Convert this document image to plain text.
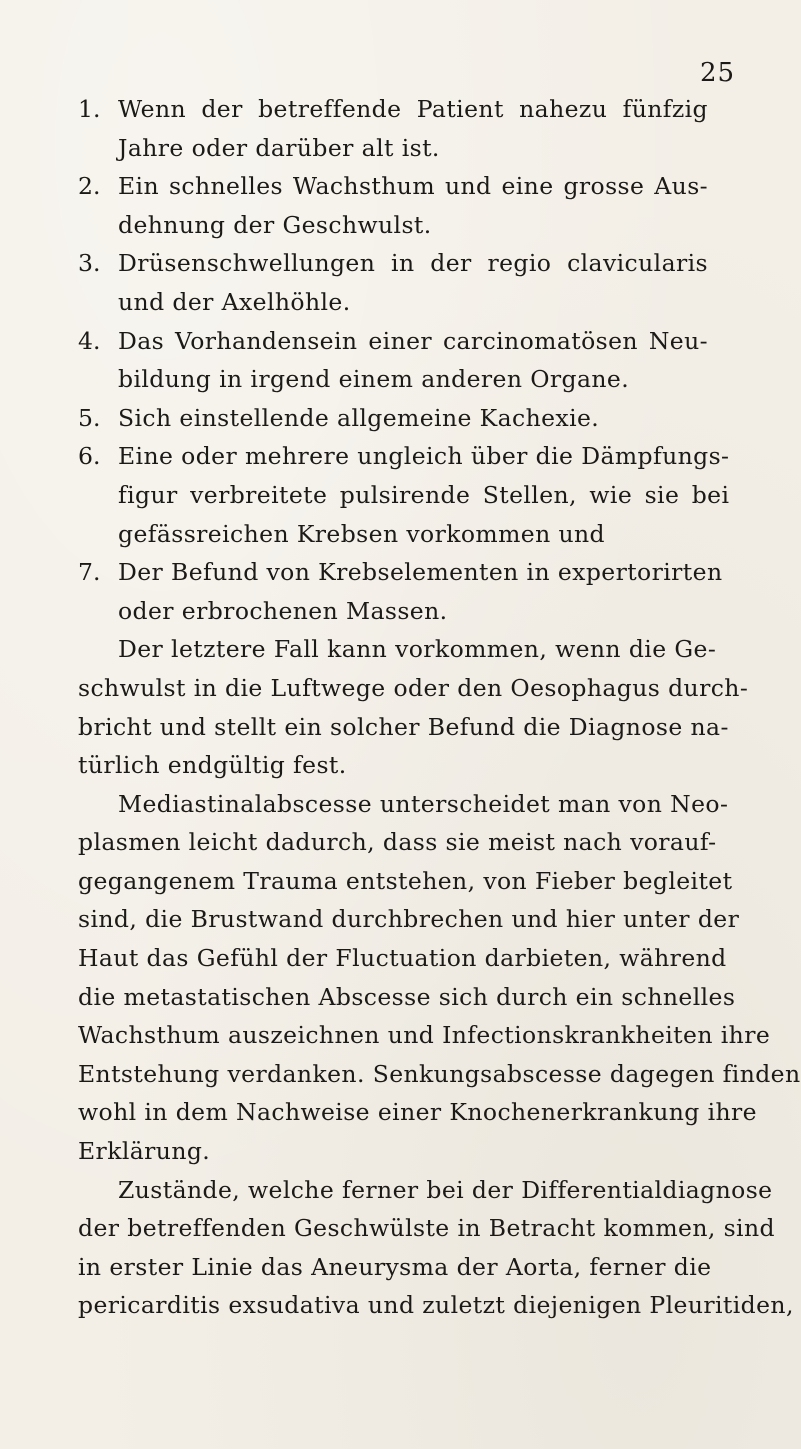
25
1. Wenn der betreffende Patient nahezu fünfzig
Jahre oder darüber alt ist.
2. Ein schnelles Wachsthum und eine grosse Aus-
dehnung der Geschwulst.
3. Drüsenschwellungen in der regio clavicularis
und der Axelhöhle.
4. Das Vorhandensein einer carcinomatösen Neu-
bildung in irgend einem anderen Organe.
5. Sich einstellende allgemeine Kachexie.
6. Eine oder mehrere ungleich über die Dämpfungs-
figur verbreitete pulsirende Stellen, wie sie bei
gefässreichen Krebsen vorkommen und
7. Der Befund von Krebselementen in expertorirten
oder erbrochenen Massen.

Der letztere Fall kann vorkommen, wenn die Ge-
schwulst in die Luftwege oder den Oesophagus durch-
bricht und stellt ein solcher Befund die Diagnose na-
türlich endgültig fest.

Mediastinalabscesse unterscheidet man von Neo-
plasmen leicht dadurch, dass sie meist nach vorauf-
gegangenem Trauma entstehen, von Fieber begleitet
sind, die Brustwand durchbrechen und hier unter der
Haut das Gefühl der Fluctuation darbieten, während
die metastatischen Abscesse sich durch ein schnelles
Wachsthum auszeichnen und Infectionskrankheiten ihre
Entstehung verdanken. Senkungsabscesse dagegen finden
wohl in dem Nachweise einer Knochenerkrankung ihre
Erklärung.

Zustände, welche ferner bei der Differentialdiagnose
der betreffenden Geschwülste in Betracht kommen, sind
in erster Linie das Aneurysma der Aorta, ferner die
pericarditis exsudativa und zuletzt diejenigen Pleuritiden,
